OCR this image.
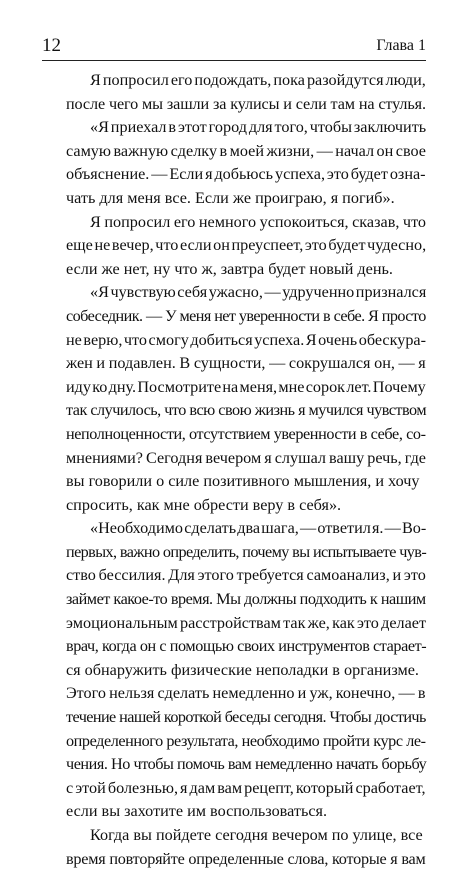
12	Глава 1
Я попросил его подождать, пока разойдутся люди,
после чего мы зашли за кулисы и сели там на стулья.
«Я приехал в этот город для того, чтобы заключить
самую важную сделку в моей жизни, — начал он свое
объяснение. — Если я добьюсь успеха, это будет озна-
чать для меня все. Если же проиграю, я погиб».
Я попросил его немного успокоиться, сказав, что
еще не вечер, что если он преуспеет, это будет чудесно,
если же нет, ну что ж, завтра будет новый день.
«Я чувствую себя ужасно, — удрученно признался
собеседник. — У меня нет уверенности в себе. Я просто
не верю, что смогу добиться успеха. Я очень обескура-
жен и подавлен. В сущности, — сокрушался он, — я
иду ко дну. Посмотрите на меня, мне сорок лет. Почему
так случилось, что всю свою жизнь я мучился чувством
неполноценности, отсутствием уверенности в себе, со-
мнениями? Сегодня вечером я слушал вашу речь, где
вы говорили о силе позитивного мышления, и хочу
спросить, как мне обрести веру в себя».
«Необходимо сделать два шага, — ответил я. — Во-
первых, важно определить, почему вы испытываете чув-
ство бессилия. Для этого требуется самоанализ, и это
займет какое-то время. Мы должны подходить к нашим
эмоциональным расстройствам так же, как это делает
врач, когда он с помощью своих инструментов старает-
ся обнаружить физические неполадки в организме.
Этого нельзя сделать немедленно и уж, конечно, — в
течение нашей короткой беседы сегодня. Чтобы достичь
определенного результата, необходимо пройти курс ле-
чения. Но чтобы помочь вам немедленно начать борьбу
с этой болезнью, я дам вам рецепт, который сработает,
если вы захотите им воспользоваться.
Когда вы пойдете сегодня вечером по улице, все
время повторяйте определенные слова, которые я вам
